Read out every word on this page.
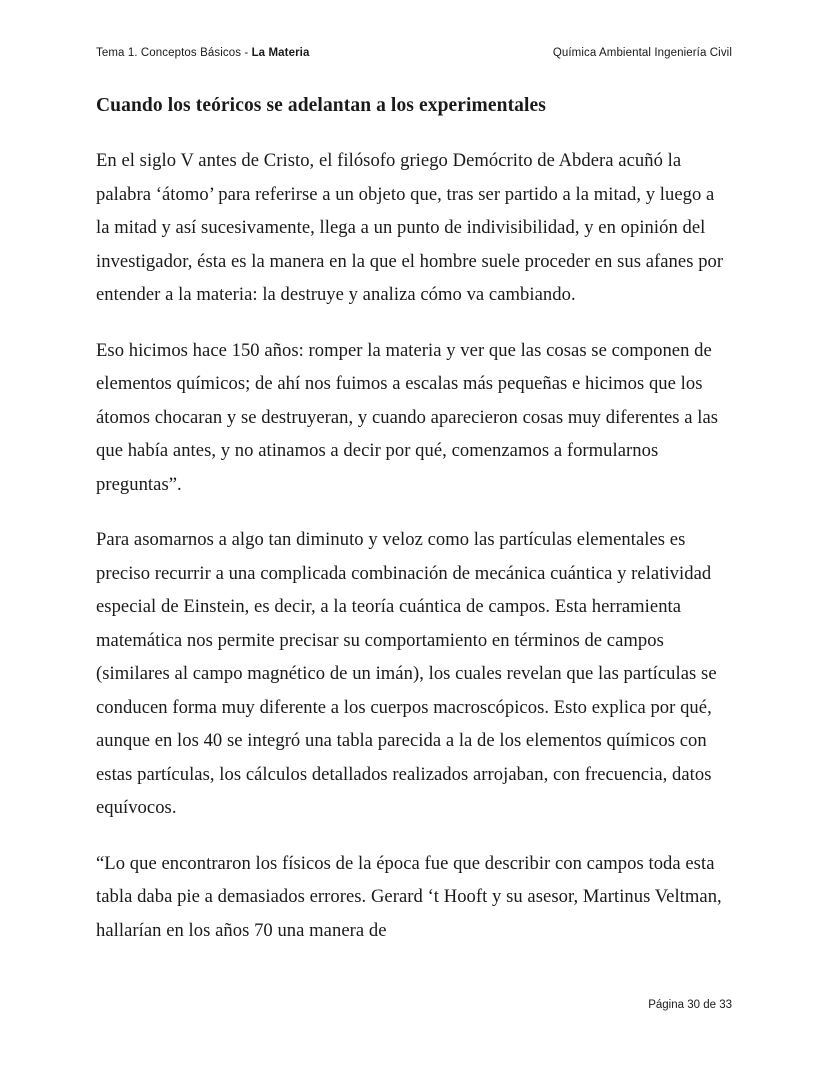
Tema 1. Conceptos Básicos - La Materia	Química Ambiental Ingeniería Civil
Cuando los teóricos se adelantan a los experimentales

En el siglo V antes de Cristo, el filósofo griego Demócrito de Abdera acuñó la palabra ‘átomo’ para referirse a un objeto que, tras ser partido a la mitad, y luego a la mitad y así sucesivamente, llega a un punto de indivisibilidad, y en opinión del investigador, ésta es la manera en la que el hombre suele proceder en sus afanes por entender a la materia: la destruye y analiza cómo va cambiando.

Eso hicimos hace 150 años: romper la materia y ver que las cosas se componen de elementos químicos; de ahí nos fuimos a escalas más pequeñas e hicimos que los átomos chocaran y se destruyeran, y cuando aparecieron cosas muy diferentes a las que había antes, y no atinamos a decir por qué, comenzamos a formularnos preguntas”.

Para asomarnos a algo tan diminuto y veloz como las partículas elementales es preciso recurrir a una complicada combinación de mecánica cuántica y relatividad especial de Einstein, es decir, a la teoría cuántica de campos. Esta herramienta matemática nos permite precisar su comportamiento en términos de campos (similares al campo magnético de un imán), los cuales revelan que las partículas se conducen forma muy diferente a los cuerpos macroscópicos. Esto explica por qué, aunque en los 40 se integró una tabla parecida a la de los elementos químicos con estas partículas, los cálculos detallados realizados arrojaban, con frecuencia, datos equívocos.

“Lo que encontraron los físicos de la época fue que describir con campos toda esta tabla daba pie a demasiados errores. Gerard ‘t Hooft y su asesor, Martinus Veltman, hallarían en los años 70 una manera de

Página 30 de 33
